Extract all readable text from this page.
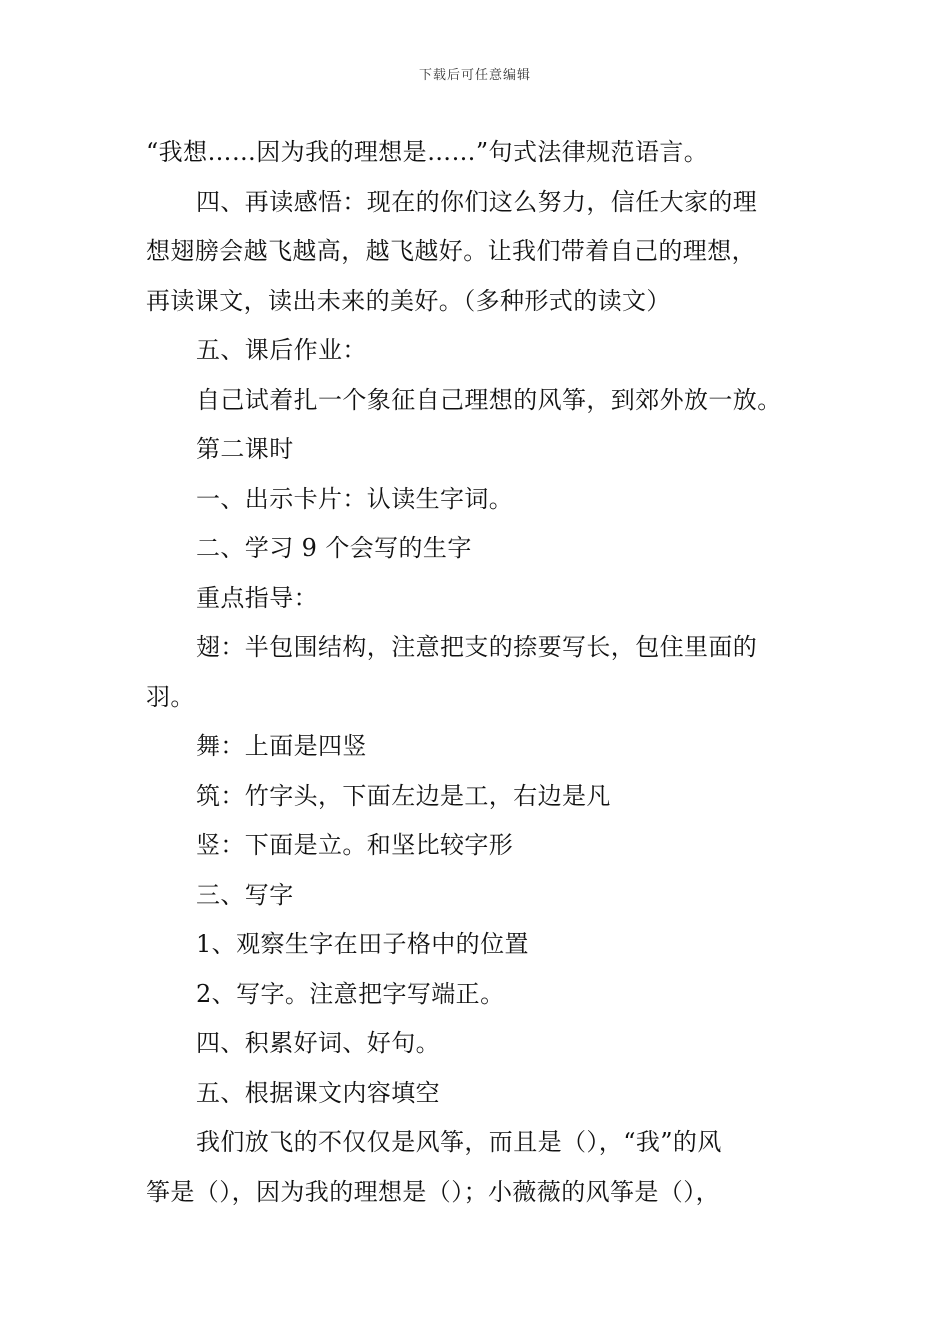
下载后可任意编辑
“我想……因为我的理想是……”句式法律规范语言。
四、再读感悟：现在的你们这么努力，信任大家的理
想翅膀会越飞越高，越飞越好。让我们带着自己的理想，
再读课文，读出未来的美好。（多种形式的读文）
五、课后作业：
自己试着扎一个象征自己理想的风筝，到郊外放一放。
第二课时
一、出示卡片：认读生字词。
二、学习 9 个会写的生字
重点指导：
翅：半包围结构，注意把支的捺要写长，包住里面的
羽。
舞：上面是四竖
筑：竹字头，下面左边是工，右边是凡
竖：下面是立。和坚比较字形
三、写字
1、观察生字在田子格中的位置
2、写字。注意把字写端正。
四、积累好词、好句。
五、根据课文内容填空
我们放飞的不仅仅是风筝，而且是（），“我”的风
筝是（），因为我的理想是（）；小薇薇的风筝是（），
